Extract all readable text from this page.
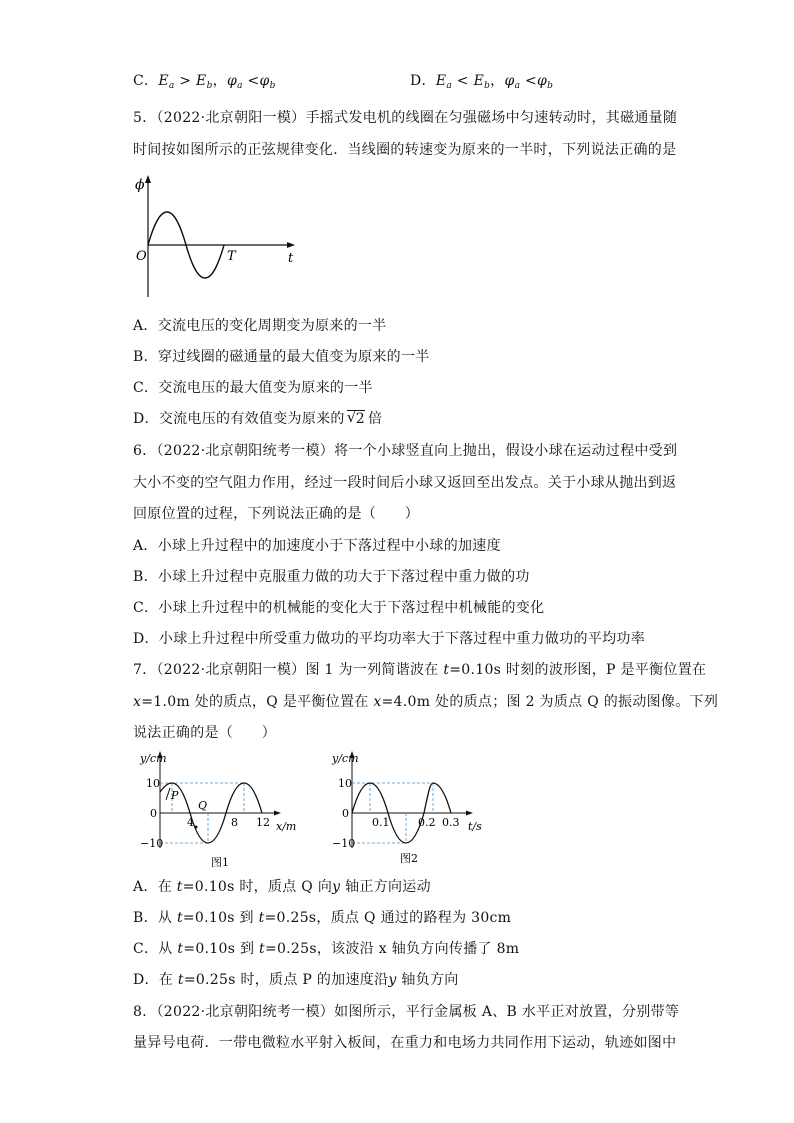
C．$E_a > E_b$，$\varphi_a <\varphi_b$	D．$E_a < E_b$，$\varphi_a <\varphi_b$
5．（2022·北京朝阳一模）手摇式发电机的线圈在匀强磁场中匀速转动时，其磁通量随
时间按如图所示的正弦规律变化．当线圈的转速变为原来的一半时，下列说法正确的是
ϕ
t
O	T
A．交流电压的变化周期变为原来的一半
B．穿过线圈的磁通量的最大值变为原来的一半
C．交流电压的最大值变为原来的一半
D．交流电压的有效值变为原来的 √ 2 倍
6．（2022·北京朝阳统考一模）将一个小球竖直向上抛出，假设小球在运动过程中受到
大小不变的空气阻力作用，经过一段时间后小球又返回至出发点。关于小球从抛出到返
回原位置的过程，下列说法正确的是（　　）
A．小球上升过程中的加速度小于下落过程中小球的加速度
B．小球上升过程中克服重力做的功大于下落过程中重力做的功
C．小球上升过程中的机械能的变化大于下落过程中机械能的变化
D．小球上升过程中所受重力做功的平均功率大于下落过程中重力做功的平均功率
7．（2022·北京朝阳一模）图 1 为一列简谐波在 t=0.10s 时刻的波形图，P 是平衡位置在
x=1.0m 处的质点，Q 是平衡位置在 x=4.0m 处的质点；图 2 为质点 Q 的振动图像。下列
说法正确的是（　　）
y/cm
x/m
10
0
−10
4	8 12
P
Q
图1
y/cm
t/s
10
0
−10
0.1	0.2 0.3
图2
A．在 t=0.10s 时，质点 Q 向y 轴正方向运动
B．从 t=0.10s 到 t=0.25s，质点 Q 通过的路程为 30cm
C．从 t=0.10s 到 t=0.25s，该波沿 x 轴负方向传播了 8m
D．在 t=0.25s 时，质点 P 的加速度沿y 轴负方向
8．（2022·北京朝阳统考一模）如图所示，平行金属板 A、B 水平正对放置，分别带等
量异号电荷．一带电微粒水平射入板间，在重力和电场力共同作用下运动，轨迹如图中
